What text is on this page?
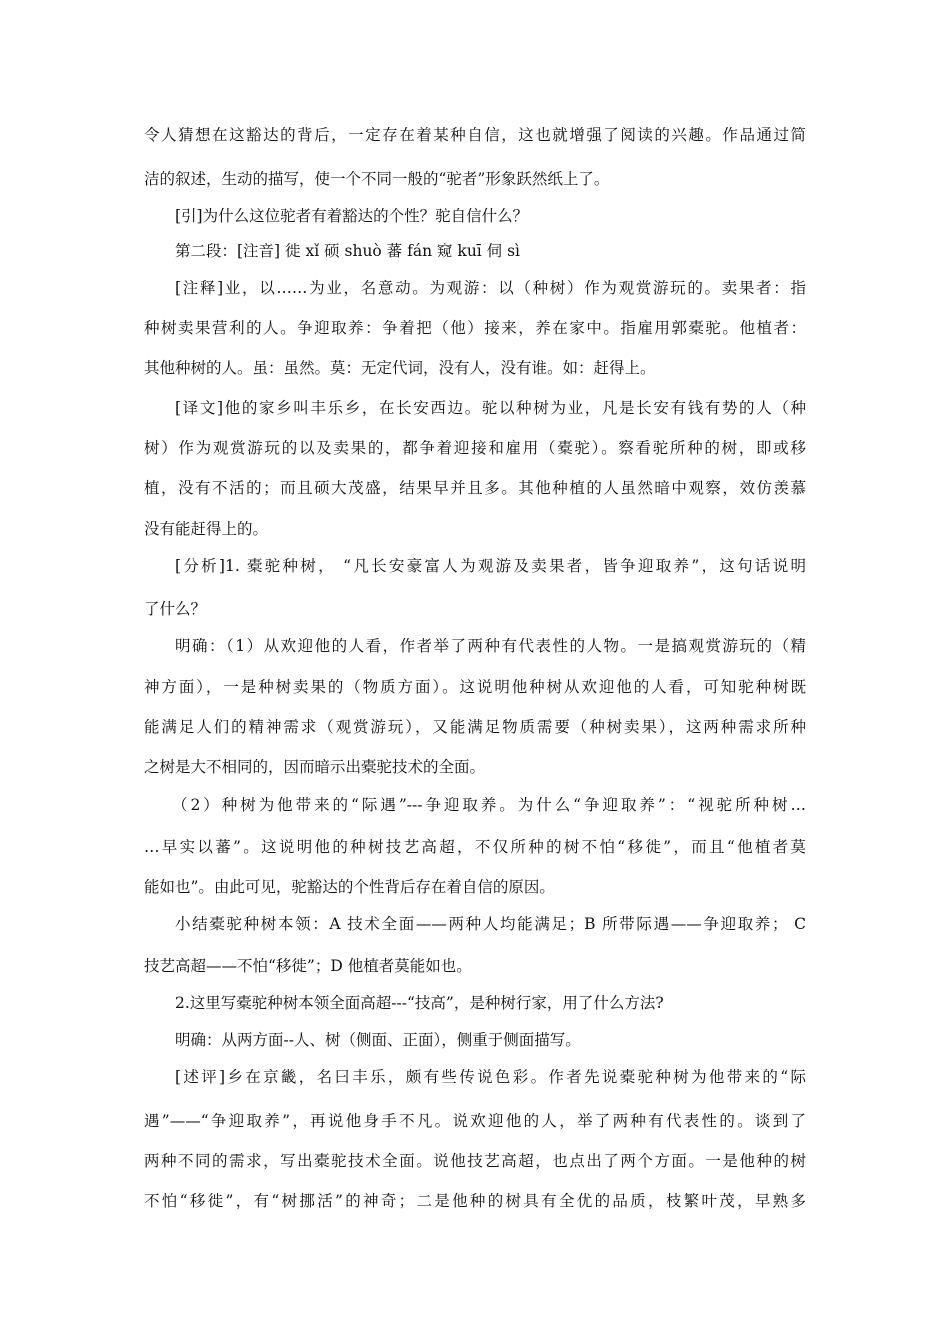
令人猜想在这豁达的背后，一定存在着某种自信，这也就增强了阅读的兴趣。作品通过简
洁的叙述，生动的描写，使一个不同一般的“驼者”形象跃然纸上了。
[引]为什么这位驼者有着豁达的个性？驼自信什么？
第二段：[注音] 徙 xǐ 硕 shuò 蕃 fán 窥 kuī 伺 sì
[注释]业，以……为业，名意动。为观游：以（种树）作为观赏游玩的。卖果者：指
种树卖果营利的人。争迎取养：争着把（他）接来，养在家中。指雇用郭橐驼。他植者：
其他种树的人。虽：虽然。莫：无定代词，没有人，没有谁。如：赶得上。
[译文]他的家乡叫丰乐乡，在长安西边。驼以种树为业，凡是长安有钱有势的人（种
树）作为观赏游玩的以及卖果的，都争着迎接和雇用（橐驼）。察看驼所种的树，即或移
植，没有不活的；而且硕大茂盛，结果早并且多。其他种植的人虽然暗中观察，效仿羡慕
没有能赶得上的。
[分析]1. 橐驼种树， “凡长安豪富人为观游及卖果者，皆争迎取养”，这句话说明
了什么？
明确：（1）从欢迎他的人看，作者举了两种有代表性的人物。一是搞观赏游玩的（精
神方面），一是种树卖果的（物质方面）。这说明他种树从欢迎他的人看，可知驼种树既
能满足人们的精神需求（观赏游玩），又能满足物质需要（种树卖果），这两种需求所种
之树是大不相同的，因而暗示出橐驼技术的全面。
（2）种树为他带来的“际遇”---争迎取养。为什么“争迎取养”：“视驼所种树…
…早实以蕃”。这说明他的种树技艺高超，不仅所种的树不怕“移徙”，而且“他植者莫
能如也”。由此可见，驼豁达的个性背后存在着自信的原因。
小结橐驼种树本领：A 技术全面——两种人均能满足；B 所带际遇——争迎取养； C
技艺高超——不怕“移徙”；D 他植者莫能如也。
2.这里写橐驼种树本领全面高超---“技高”，是种树行家，用了什么方法?
明确：从两方面--人、树（侧面、正面），侧重于侧面描写。
[述评]乡在京畿，名曰丰乐，颇有些传说色彩。作者先说橐驼种树为他带来的“际
遇”——“争迎取养”，再说他身手不凡。说欢迎他的人，举了两种有代表性的。谈到了
两种不同的需求，写出橐驼技术全面。说他技艺高超，也点出了两个方面。一是他种的树
不怕“移徙”，有“树挪活”的神奇；二是他种的树具有全优的品质，枝繁叶茂，早熟多
